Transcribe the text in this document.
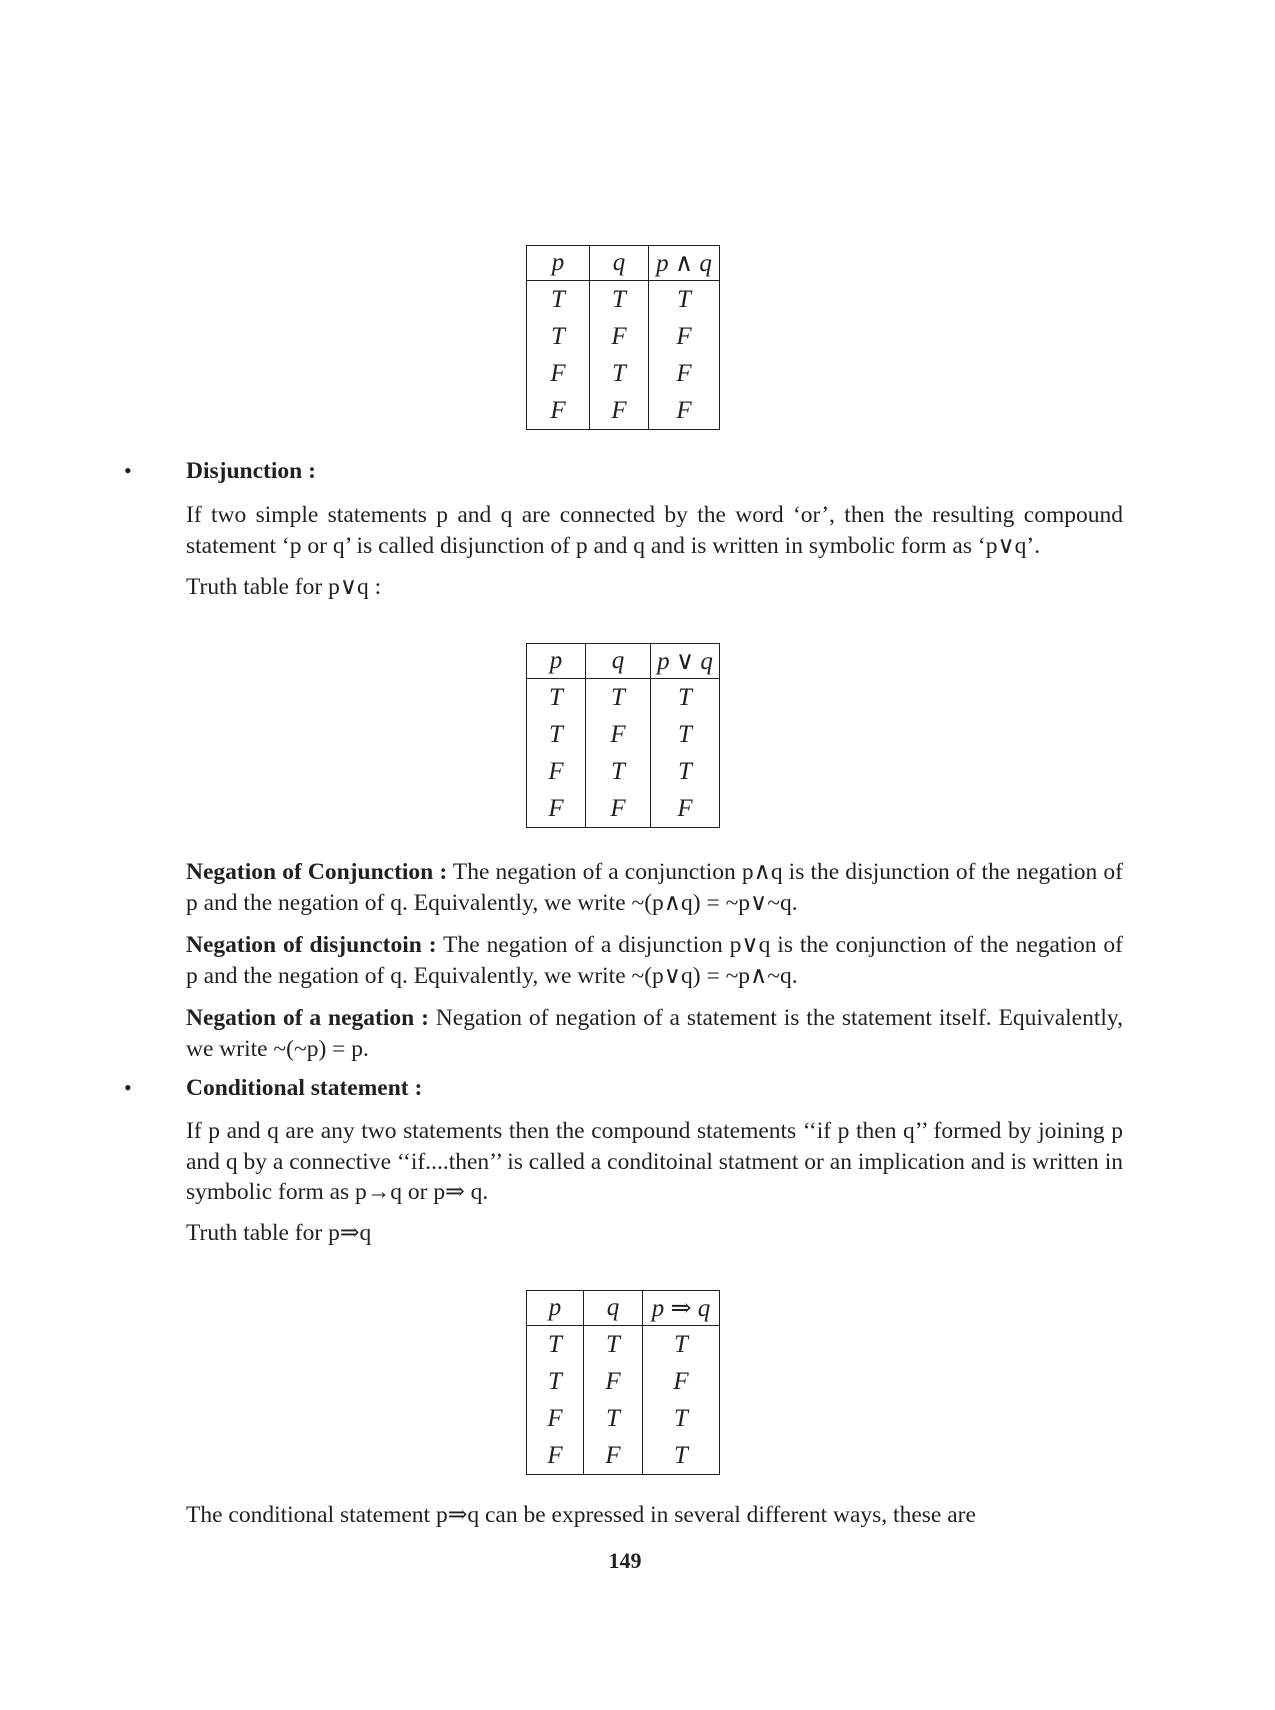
p	q	p ∧ q
T	T	T
T	F	F
F	T	F
F	F	F
• Disjunction :
If two simple statements p and q are connected by the word ‘or’, then the resulting compound statement ‘p or q’ is called disjunction of p and q and is written in symbolic form as ‘p∨q’.
Truth table for p∨q :
p	q	p ∨ q
T	T	T
T	F	T
F	T	T
F	F	F
Negation of Conjunction : The negation of a conjunction p∧q is the disjunction of the negation of p and the negation of q. Equivalently, we write ~(p∧q) = ~p∨~q.
Negation of disjunctoin : The negation of a disjunction p∨q is the conjunction of the negation of p and the negation of q. Equivalently, we write ~(p∨q) = ~p∧~q.
Negation of a negation : Negation of negation of a statement is the statement itself. Equivalently, we write ~(~p) = p.
• Conditional statement :
If p and q are any two statements then the compound statements ‘‘if p then q’’ formed by joining p and q by a connective ‘‘if....then’’ is called a conditoinal statment or an implication and is written in symbolic form as p→q or p⇒ q.
Truth table for p⇒q
p	q	p ⇒ q
T	T	T
T	F	F
F	T	T
F	F	T
The conditional statement p⇒q can be expressed in several different ways, these are
149
